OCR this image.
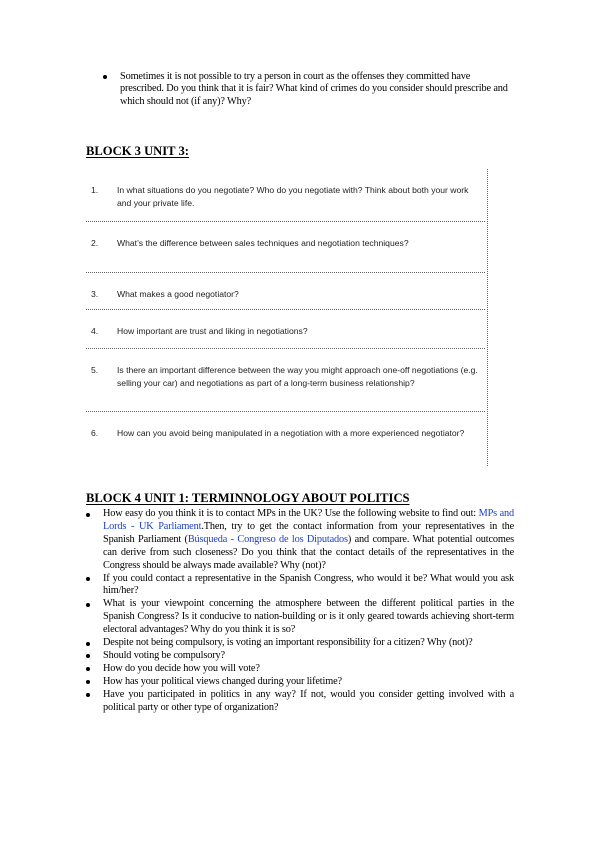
Sometimes it is not possible to try a person in court as the offenses they committed have prescribed. Do you think that it is fair? What kind of crimes do you consider should prescribe and which should not (if any)? Why?
BLOCK 3 UNIT 3:
1.	In what situations do you negotiate? Who do you negotiate with? Think about both your work and your private life.
2.	What’s the difference between sales techniques and negotiation techniques?
3.	What makes a good negotiator?
4.	How important are trust and liking in negotiations?
5.	Is there an important difference between the way you might approach one-off negotiations (e.g. selling your car) and negotiations as part of a long-term business relationship?
6.	How can you avoid being manipulated in a negotiation with a more experienced negotiator?
BLOCK 4 UNIT 1: TERMINNOLOGY ABOUT POLITICS
How easy do you think it is to contact MPs in the UK? Use the following website to find out: MPs and Lords - UK Parliament.Then, try to get the contact information from your representatives in the Spanish Parliament (Búsqueda - Congreso de los Diputados) and compare. What potential outcomes can derive from such closeness? Do you think that the contact details of the representatives in the Congress should be always made available? Why (not)?
If you could contact a representative in the Spanish Congress, who would it be? What would you ask him/her?
What is your viewpoint concerning the atmosphere between the different political parties in the Spanish Congress? Is it conducive to nation-building or is it only geared towards achieving short-term electoral advantages? Why do you think it is so?
Despite not being compulsory, is voting an important responsibility for a citizen? Why (not)?
Should voting be compulsory?
How do you decide how you will vote?
How has your political views changed during your lifetime?
Have you participated in politics in any way? If not, would you consider getting involved with a political party or other type of organization?
